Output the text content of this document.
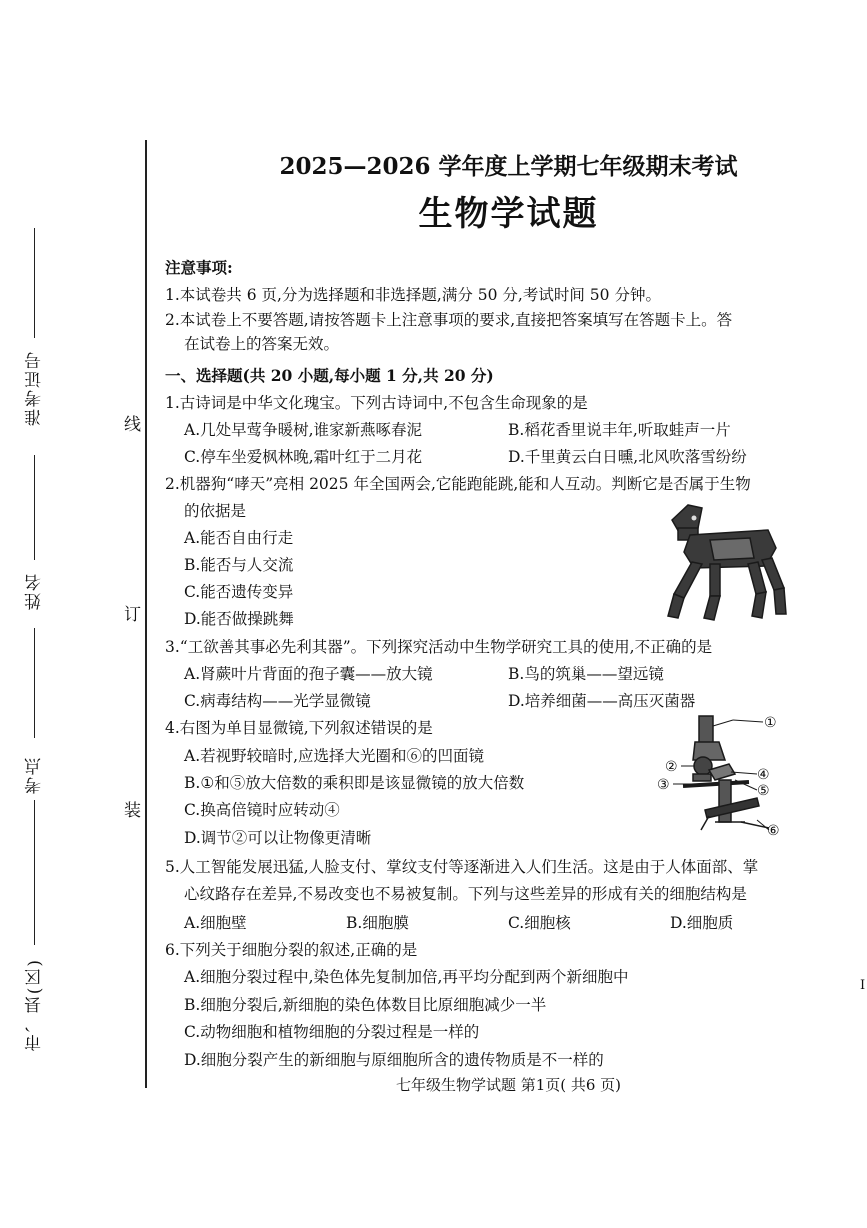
准考证号
姓名
考点
市、县(区)
线
订
装
2025—2026 学年度上学期七年级期末考试
生物学试题
注意事项:
1.本试卷共 6 页,分为选择题和非选择题,满分 50 分,考试时间 50 分钟。
2.本试卷上不要答题,请按答题卡上注意事项的要求,直接把答案填写在答题卡上。答
在试卷上的答案无效。
一、选择题(共 20 小题,每小题 1 分,共 20 分)
1.古诗词是中华文化瑰宝。下列古诗词中,不包含生命现象的是
A.几处早莺争暖树,谁家新燕啄春泥	B.稻花香里说丰年,听取蛙声一片
C.停车坐爱枫林晚,霜叶红于二月花	D.千里黄云白日曛,北风吹落雪纷纷
2.机器狗“哮天”亮相 2025 年全国两会,它能跑能跳,能和人互动。判断它是否属于生物
的依据是
A.能否自由行走
B.能否与人交流
C.能否遗传变异
D.能否做操跳舞
3.“工欲善其事必先利其器”。下列探究活动中生物学研究工具的使用,不正确的是
A.肾蕨叶片背面的孢子囊——放大镜	B.鸟的筑巢——望远镜
C.病毒结构——光学显微镜	D.培养细菌——高压灭菌器
4.右图为单目显微镜,下列叙述错误的是
A.若视野较暗时,应选择大光圈和⑥的凹面镜
B.①和⑤放大倍数的乘积即是该显微镜的放大倍数
C.换高倍镜时应转动④
D.调节②可以让物像更清晰
①
②
③
④
⑤
⑥
5.人工智能发展迅猛,人脸支付、掌纹支付等逐渐进入人们生活。这是由于人体面部、掌
心纹路存在差异,不易改变也不易被复制。下列与这些差异的形成有关的细胞结构是
A.细胞壁	B.细胞膜	C.细胞核	D.细胞质
6.下列关于细胞分裂的叙述,正确的是
A.细胞分裂过程中,染色体先复制加倍,再平均分配到两个新细胞中
B.细胞分裂后,新细胞的染色体数目比原细胞减少一半
C.动物细胞和植物细胞的分裂过程是一样的
D.细胞分裂产生的新细胞与原细胞所含的遗传物质是不一样的
七年级生物学试题 第1页( 共6 页)
I
